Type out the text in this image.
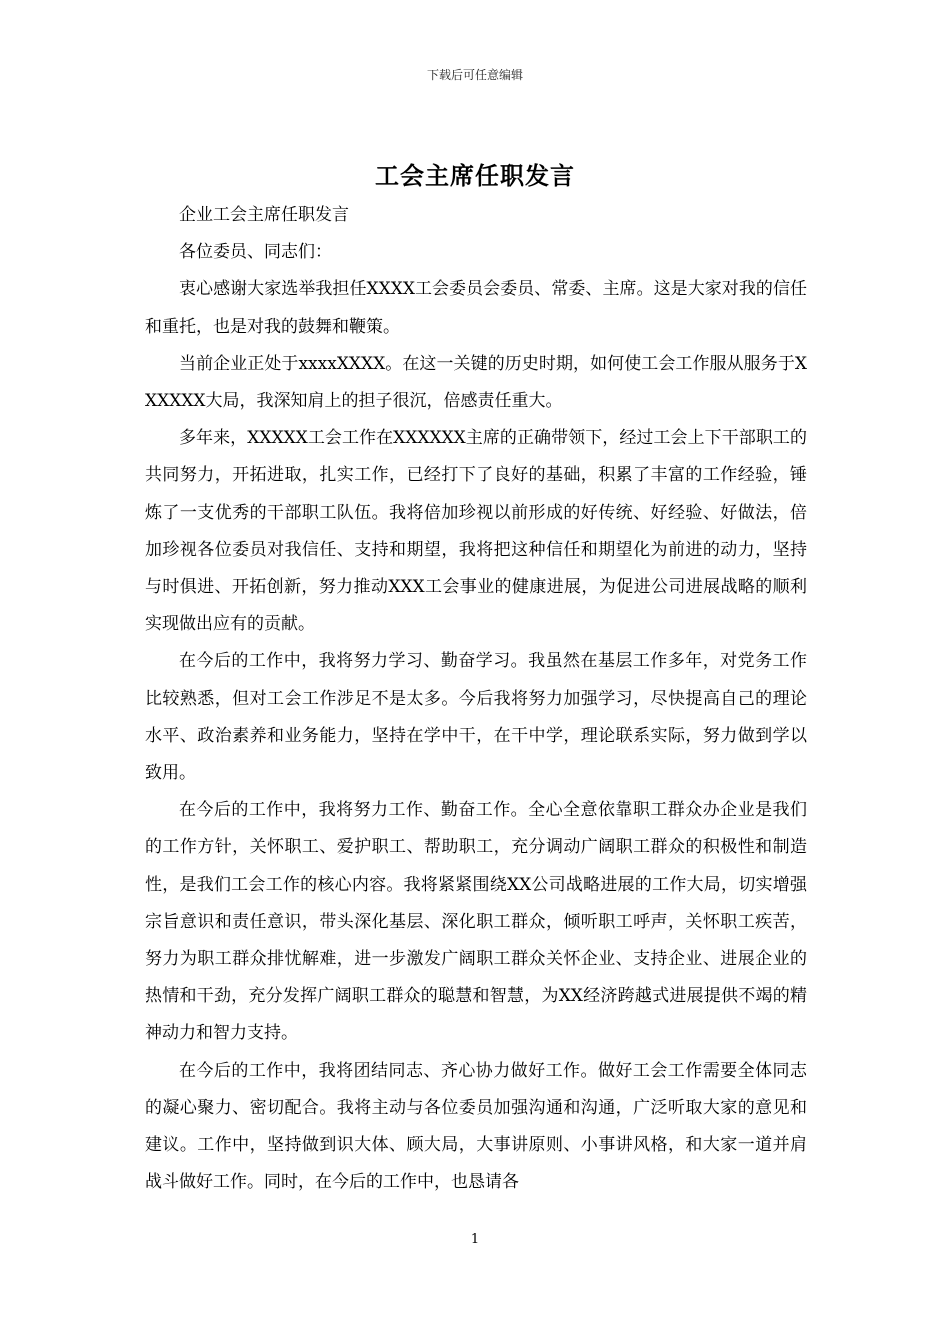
下载后可任意编辑
工会主席任职发言

企业工会主席任职发言

各位委员、同志们：

衷心感谢大家选举我担任XXXX工会委员会委员、常委、主席。这是大家对我的信任和重托，也是对我的鼓舞和鞭策。

当前企业正处于xxxxXXXX。在这一关键的历史时期，如何使工会工作服从服务于XXXXXX大局，我深知肩上的担子很沉，倍感责任重大。

多年来，XXXXX工会工作在XXXXXX主席的正确带领下，经过工会上下干部职工的共同努力，开拓进取，扎实工作，已经打下了良好的基础，积累了丰富的工作经验，锤炼了一支优秀的干部职工队伍。我将倍加珍视以前形成的好传统、好经验、好做法，倍加珍视各位委员对我信任、支持和期望，我将把这种信任和期望化为前进的动力，坚持与时俱进、开拓创新，努力推动XXX工会事业的健康进展，为促进公司进展战略的顺利实现做出应有的贡献。

在今后的工作中，我将努力学习、勤奋学习。我虽然在基层工作多年，对党务工作比较熟悉，但对工会工作涉足不是太多。今后我将努力加强学习，尽快提高自己的理论水平、政治素养和业务能力，坚持在学中干，在干中学，理论联系实际，努力做到学以致用。

在今后的工作中，我将努力工作、勤奋工作。全心全意依靠职工群众办企业是我们的工作方针，关怀职工、爱护职工、帮助职工，充分调动广阔职工群众的积极性和制造性，是我们工会工作的核心内容。我将紧紧围绕XX公司战略进展的工作大局，切实增强宗旨意识和责任意识，带头深化基层、深化职工群众，倾听职工呼声，关怀职工疾苦，努力为职工群众排忧解难，进一步激发广阔职工群众关怀企业、支持企业、进展企业的热情和干劲，充分发挥广阔职工群众的聪慧和智慧，为XX经济跨越式进展提供不竭的精神动力和智力支持。

在今后的工作中，我将团结同志、齐心协力做好工作。做好工会工作需要全体同志的凝心聚力、密切配合。我将主动与各位委员加强沟通和沟通，广泛听取大家的意见和建议。工作中，坚持做到识大体、顾大局，大事讲原则、小事讲风格，和大家一道并肩战斗做好工作。同时，在今后的工作中，也恳请各

1
